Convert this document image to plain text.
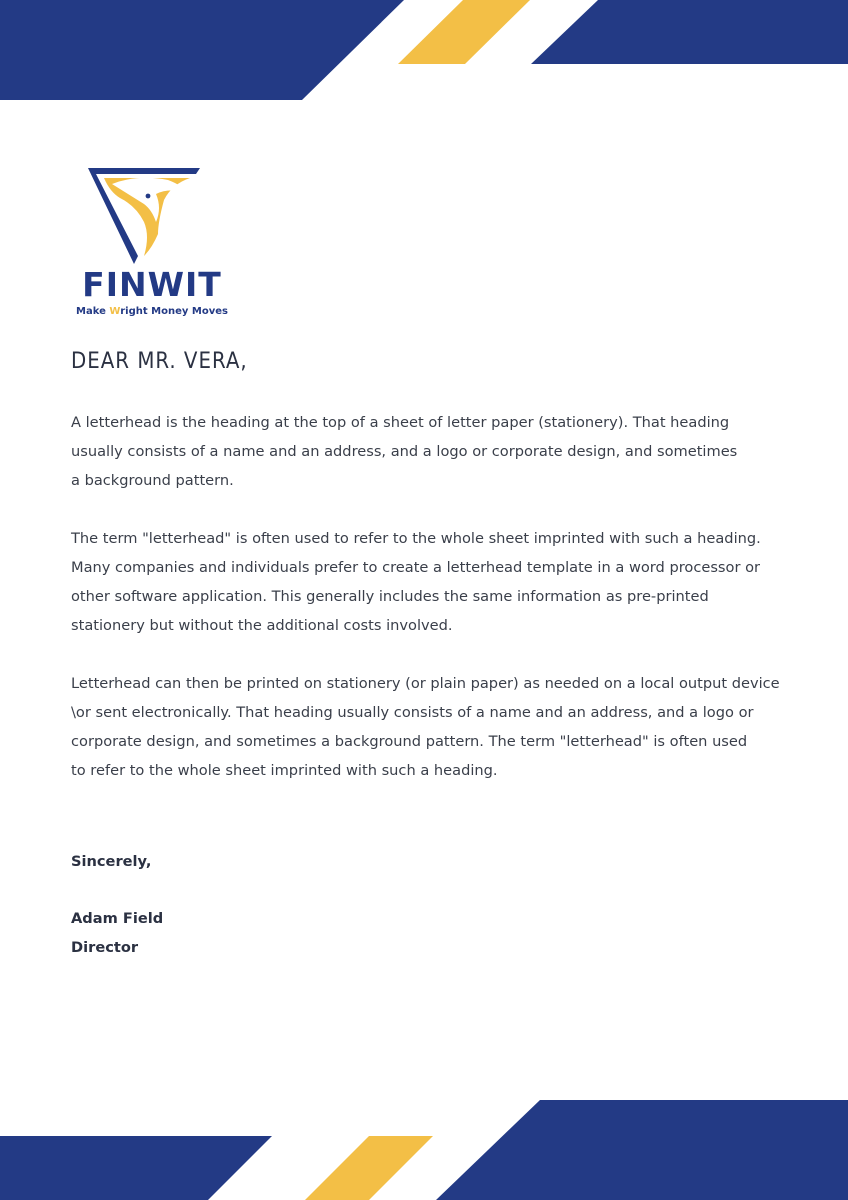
FINWIT
Make Wright Money Moves
DEAR MR. VERA,

A letterhead is the heading at the top of a sheet of letter paper (stationery). That heading
usually consists of a name and an address, and a logo or corporate design, and sometimes
a background pattern.

The term "letterhead" is often used to refer to the whole sheet imprinted with such a heading.
Many companies and individuals prefer to create a letterhead template in a word processor or
other software application. This generally includes the same information as pre-printed
stationery but without the additional costs involved.

Letterhead can then be printed on stationery (or plain paper) as needed on a local output device
\or sent electronically. That heading usually consists of a name and an address, and a logo or
corporate design, and sometimes a background pattern. The term "letterhead" is often used
to refer to the whole sheet imprinted with such a heading.

Sincerely,
Adam Field
Director
